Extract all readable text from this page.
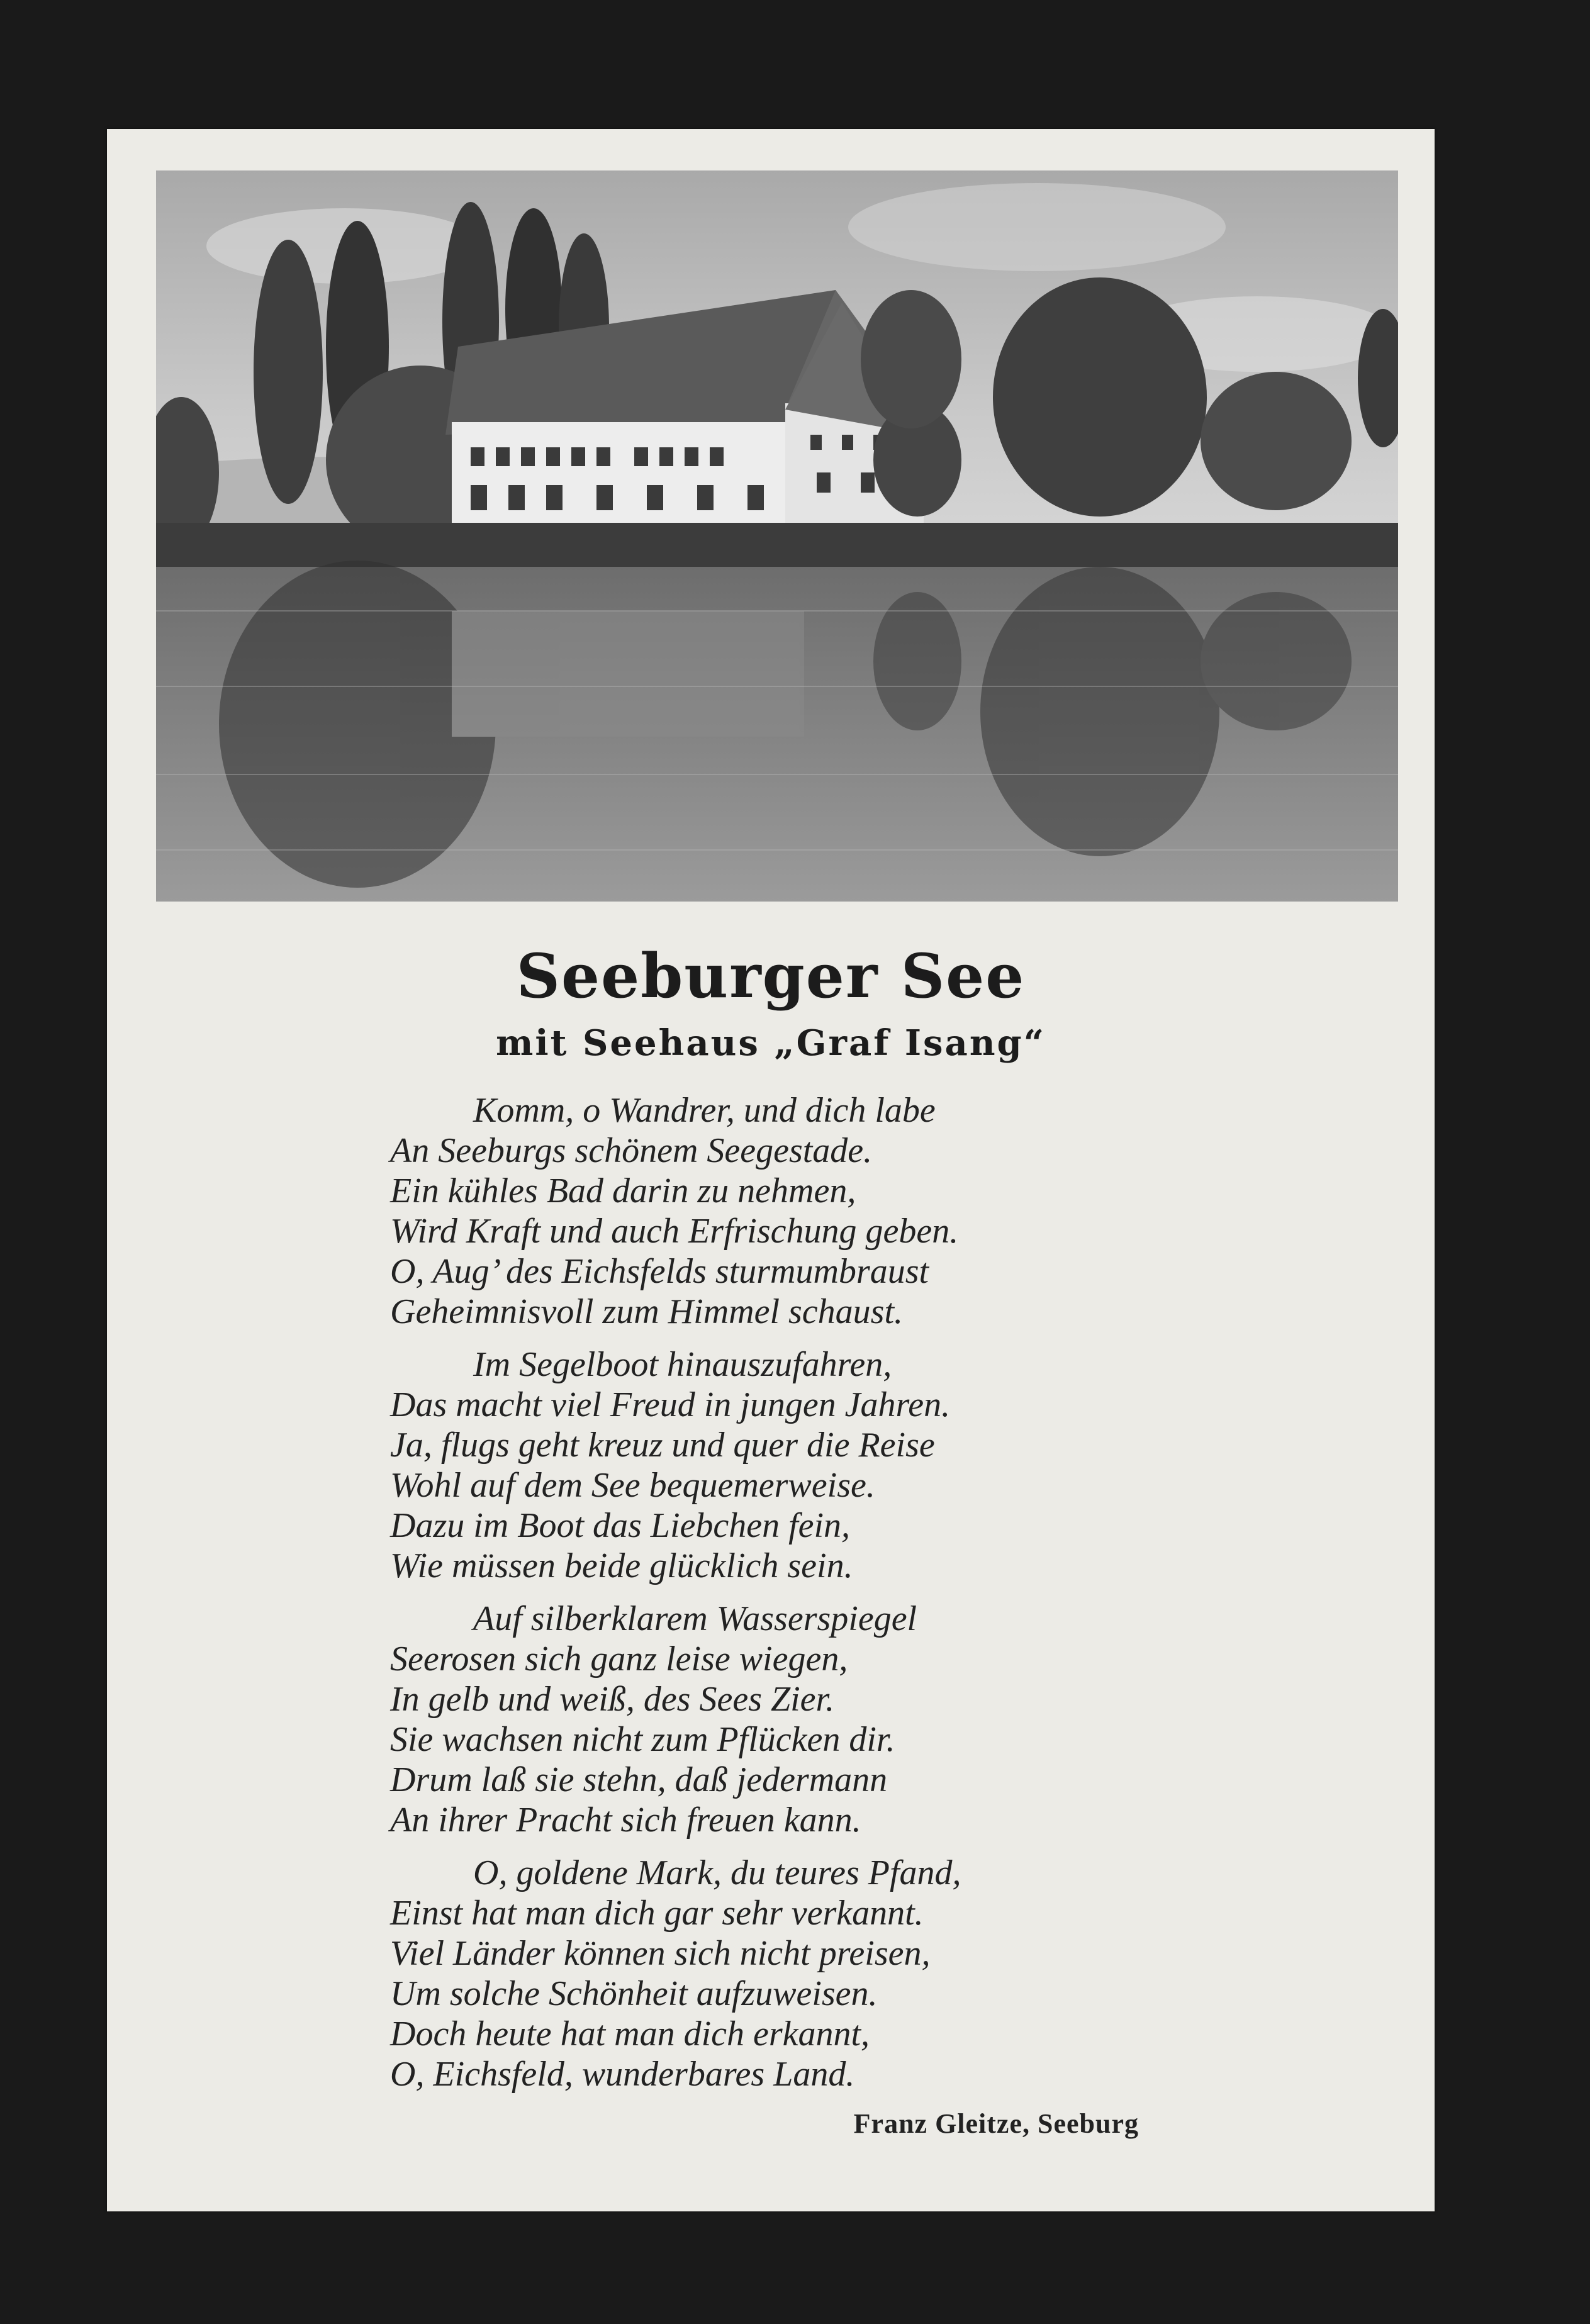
Seeburger See
mit Seehaus „Graf Isang“
Komm, o Wandrer, und dich labe
An Seeburgs schönem Seegestade.
Ein kühles Bad darin zu nehmen,
Wird Kraft und auch Erfrischung geben.
O, Aug’ des Eichsfelds sturmumbraust
Geheimnisvoll zum Himmel schaust.
Im Segelboot hinauszufahren,
Das macht viel Freud in jungen Jahren.
Ja, flugs geht kreuz und quer die Reise
Wohl auf dem See bequemerweise.
Dazu im Boot das Liebchen fein,
Wie müssen beide glücklich sein.
Auf silberklarem Wasserspiegel
Seerosen sich ganz leise wiegen,
In gelb und weiß, des Sees Zier.
Sie wachsen nicht zum Pflücken dir.
Drum laß sie stehn, daß jedermann
An ihrer Pracht sich freuen kann.
O, goldene Mark, du teures Pfand,
Einst hat man dich gar sehr verkannt.
Viel Länder können sich nicht preisen,
Um solche Schönheit aufzuweisen.
Doch heute hat man dich erkannt,
O, Eichsfeld, wunderbares Land.
Franz Gleitze, Seeburg
